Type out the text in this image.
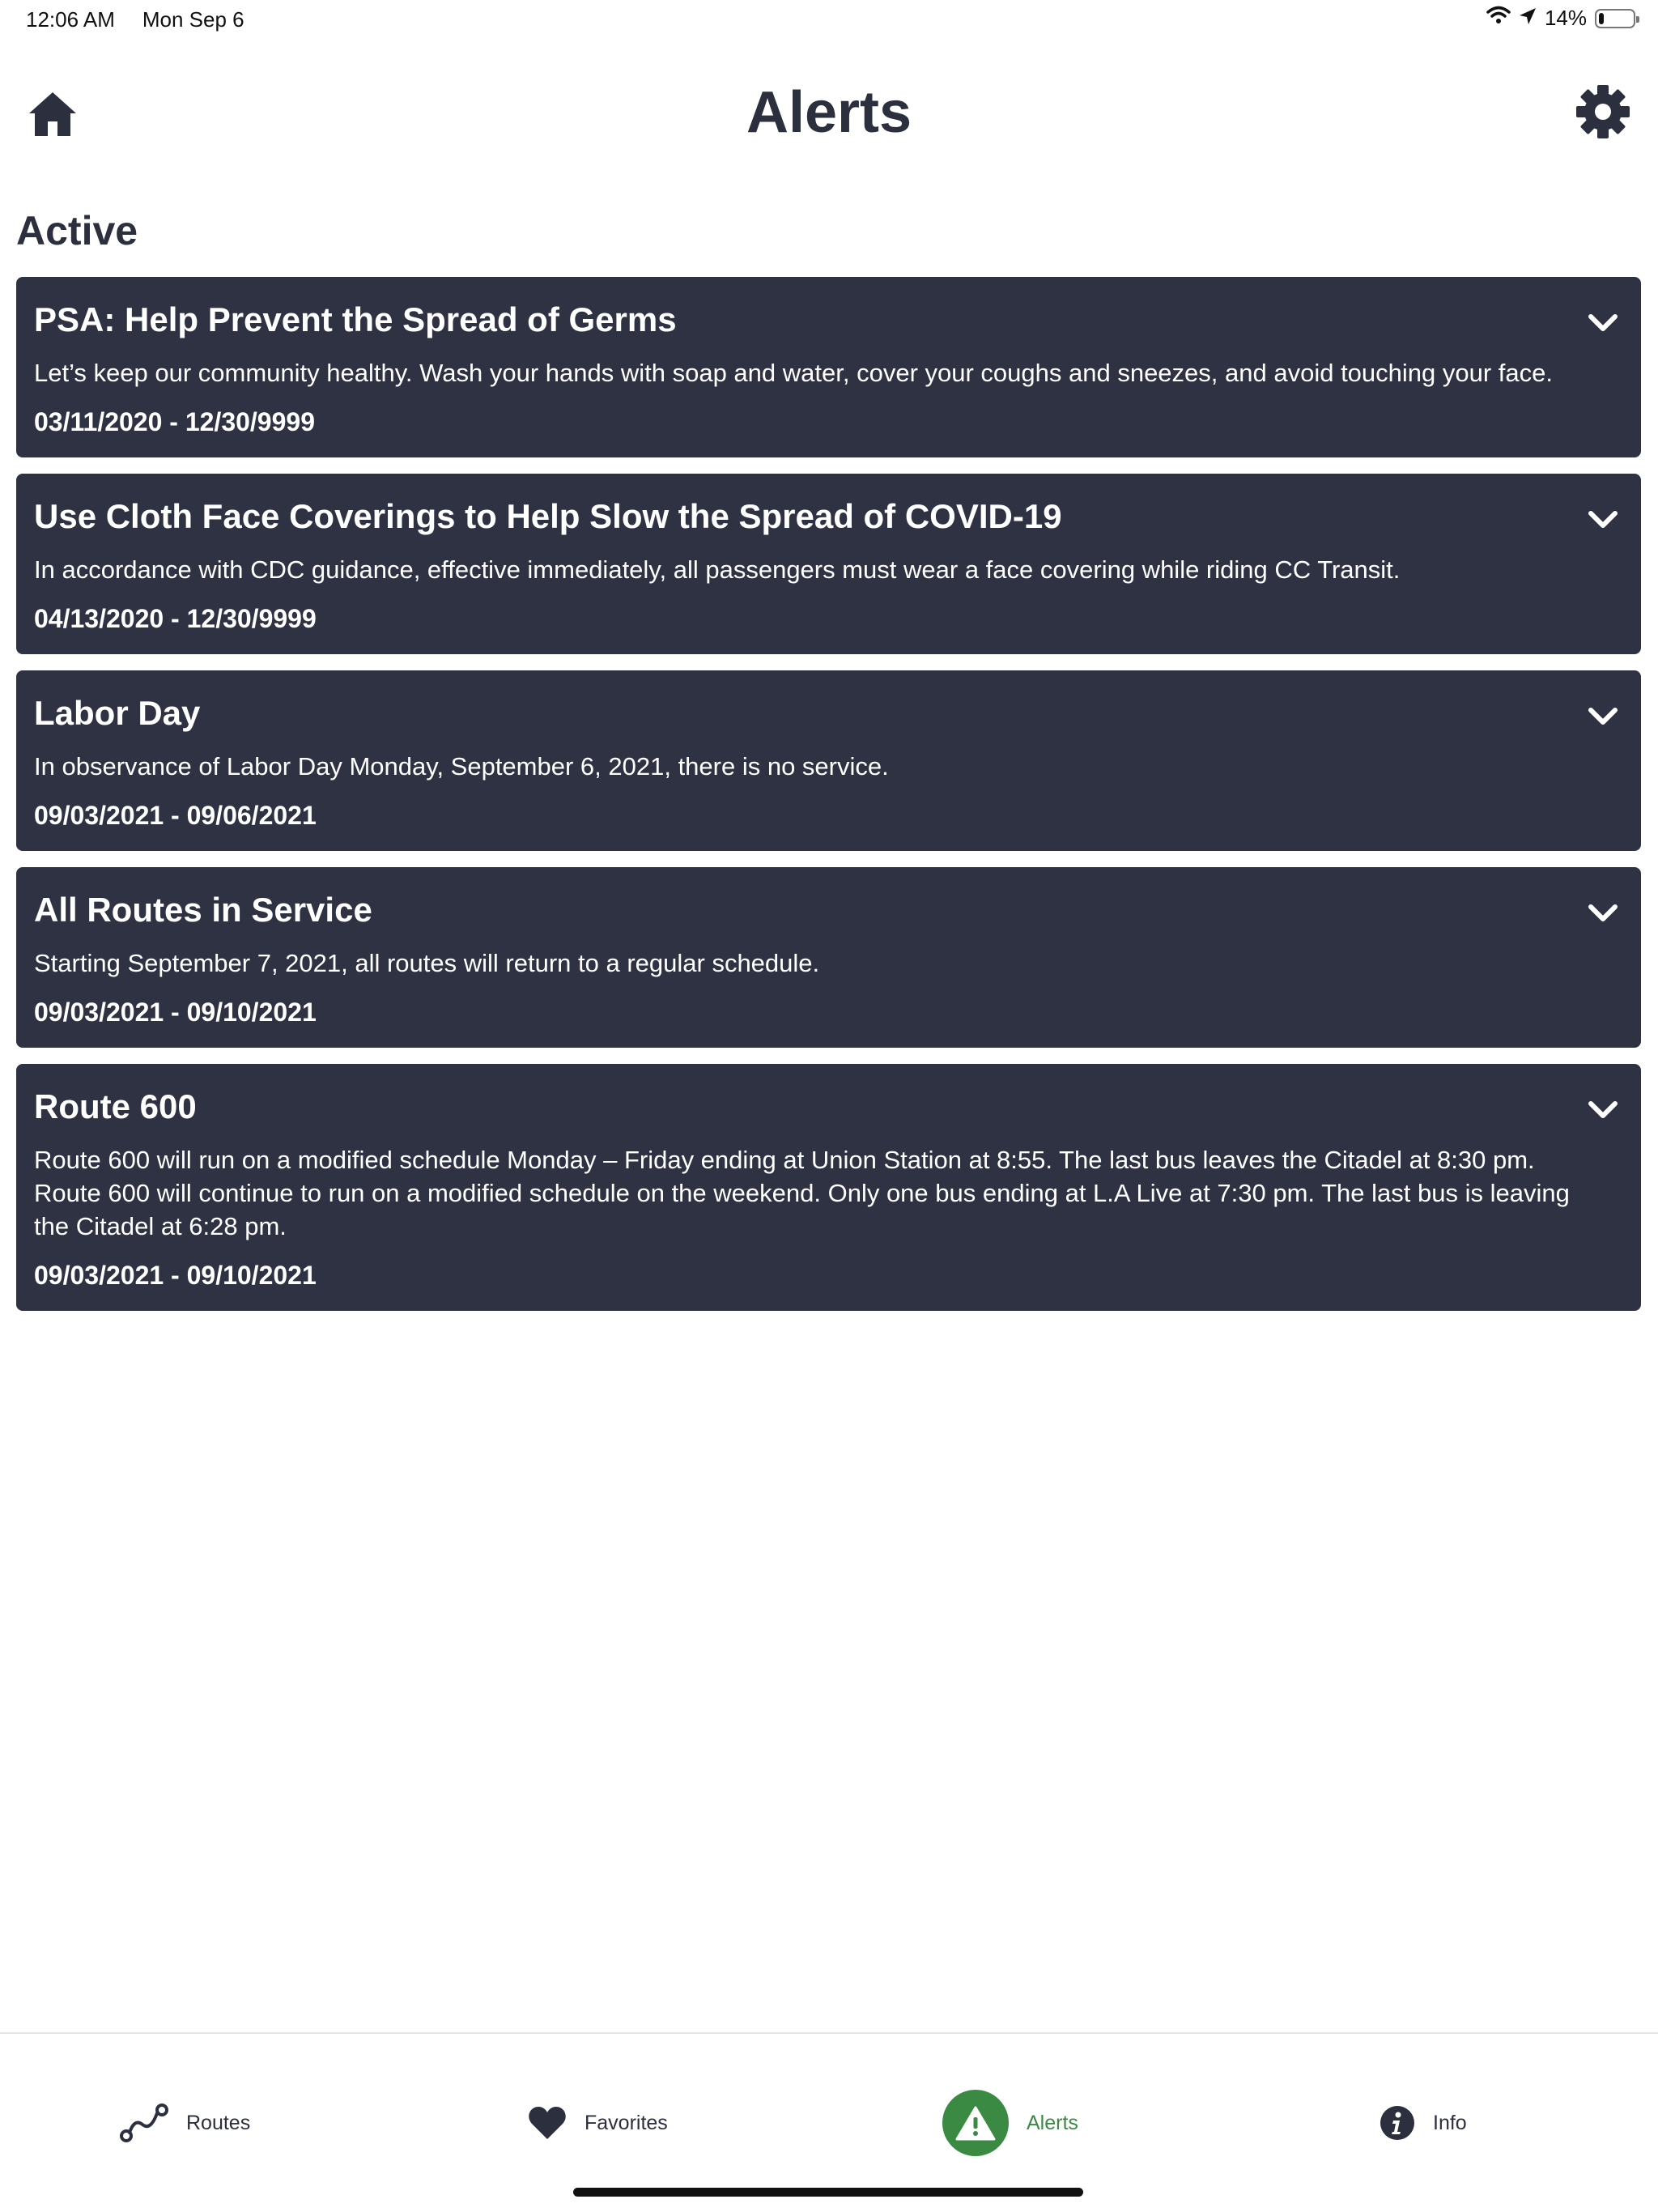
12:06 AM Mon Sep 6	14%
Alerts
Active
PSA: Help Prevent the Spread of Germs
Let’s keep our community healthy. Wash your hands with soap and water, cover your coughs and sneezes, and avoid touching your face.
03/11/2020 - 12/30/9999
Use Cloth Face Coverings to Help Slow the Spread of COVID-19
In accordance with CDC guidance, effective immediately, all passengers must wear a face covering while riding CC Transit.
04/13/2020 - 12/30/9999
Labor Day
In observance of Labor Day Monday, September 6, 2021, there is no service.
09/03/2021 - 09/06/2021
All Routes in Service
Starting September 7, 2021, all routes will return to a regular schedule.
09/03/2021 - 09/10/2021
Route 600
Route 600 will run on a modified schedule Monday – Friday ending at Union Station at 8:55. The last bus leaves the Citadel at 8:30 pm. Route 600 will continue to run on a modified schedule on the weekend. Only one bus ending at L.A Live at 7:30 pm. The last bus is leaving the Citadel at 6:28 pm.
09/03/2021 - 09/10/2021
Routes	Favorites	Alerts	Info
